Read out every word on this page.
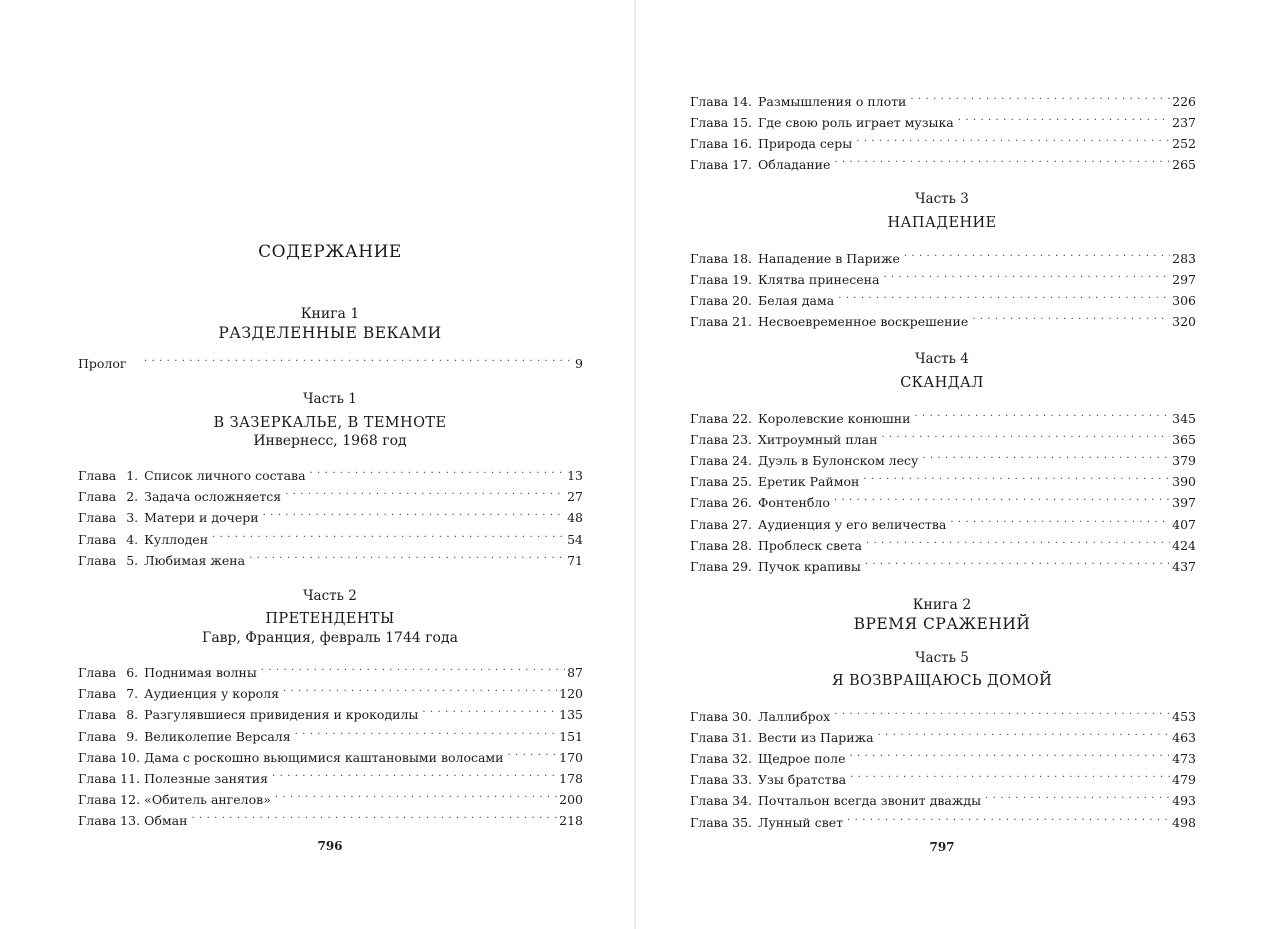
СОДЕРЖАНИЕ
Книга 1
РАЗДЕЛЕННЫЕ ВЕКАМИ
Пролог . . .	9
Часть 1
В ЗАЗЕРКАЛЬЕ, В ТЕМНОТЕ
Инвернесс, 1968 год
Глава 1. Список личного состава . . .	13
Глава 2. Задача осложняется . . .	27
Глава 3. Матери и дочери . . .	48
Глава 4. Куллоден . . .	54
Глава 5. Любимая жена . . .	71
Часть 2
ПРЕТЕНДЕНТЫ
Гавр, Франция, февраль 1744 года
Глава 6. Поднимая волны . . .	87
Глава 7. Аудиенция у короля . . .	120
Глава 8. Разгулявшиеся привидения и крокодилы . . .	135
Глава 9. Великолепие Версаля . . .	151
Глава 10. Дама с роскошно вьющимися каштановыми волосами . . .	170
Глава 11. Полезные занятия . . .	178
Глава 12. «Обитель ангелов» . . .	200
Глава 13. Обман . . .	218
796
Глава 14. Размышления о плоти . . .	226
Глава 15. Где свою роль играет музыка . . .	237
Глава 16. Природа серы . . .	252
Глава 17. Обладание . . .	265
Часть 3
НАПАДЕНИЕ
Глава 18. Нападение в Париже . . .	283
Глава 19. Клятва принесена . . .	297
Глава 20. Белая дама . . .	306
Глава 21. Несвоевременное воскрешение . . .	320
Часть 4
СКАНДАЛ
Глава 22. Королевские конюшни . . .	345
Глава 23. Хитроумный план . . .	365
Глава 24. Дуэль в Булонском лесу . . .	379
Глава 25. Еретик Раймон . . .	390
Глава 26. Фонтенбло . . .	397
Глава 27. Аудиенция у его величества . . .	407
Глава 28. Проблеск света . . .	424
Глава 29. Пучок крапивы . . .	437
Книга 2
ВРЕМЯ СРАЖЕНИЙ
Часть 5
Я ВОЗВРАЩАЮСЬ ДОМОЙ
Глава 30. Лаллиброх . . .	453
Глава 31. Вести из Парижа . . .	463
Глава 32. Щедрое поле . . .	473
Глава 33. Узы братства . . .	479
Глава 34. Почтальон всегда звонит дважды . . .	493
Глава 35. Лунный свет . . .	498
797
